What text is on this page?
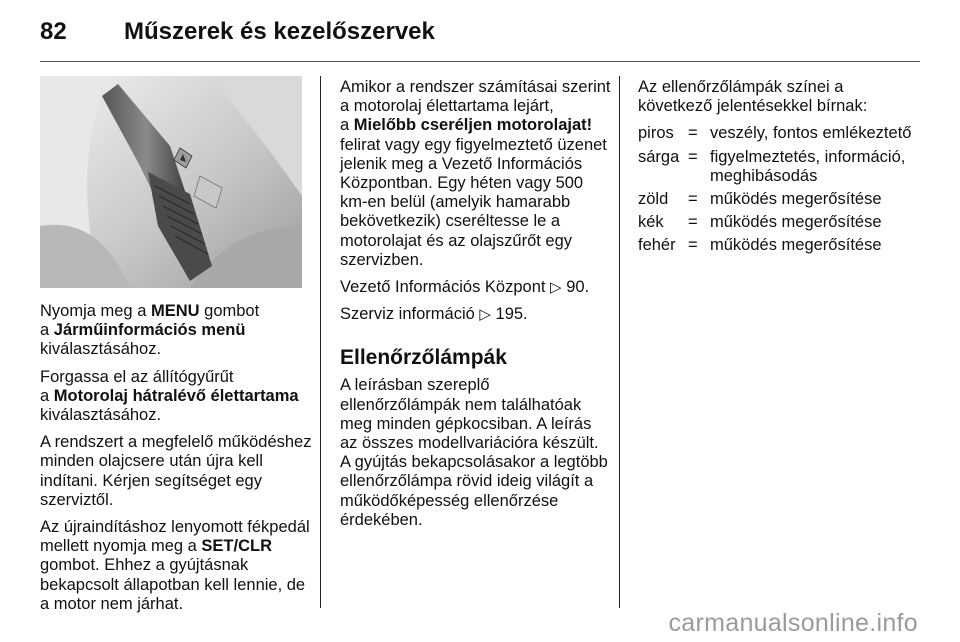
82 Műszerek és kezelőszervek

Nyomja meg a MENU gombot
a Járműinformációs menü
kiválasztásához.

Forgassa el az állítógyűrűt
a Motorolaj hátralévő élettartama
kiválasztásához.

A rendszert a megfelelő működéshez minden olajcsere után újra kell indítani. Kérjen segítséget egy szerviztől.

Az újraindításhoz lenyomott fékpedál mellett nyomja meg a SET/CLR gombot. Ehhez a gyújtásnak bekapcsolt állapotban kell lennie, de a motor nem járhat.

Amikor a rendszer számításai szerint a motorolaj élettartama lejárt,
a Mielőbb cseréljen motorolajat!
felirat vagy egy figyelmeztető üzenet jelenik meg a Vezető Információs Központban. Egy héten vagy 500 km-en belül (amelyik hamarabb bekövetkezik) cseréltesse le a motorolajat és az olajszűrőt egy szervizben.

Vezető Információs Központ ▷ 90.

Szerviz információ ▷ 195.

Ellenőrzőlámpák

A leírásban szereplő ellenőrzőlámpák nem találhatóak meg minden gépkocsiban. A leírás az összes modellvariációra készült.

A gyújtás bekapcsolásakor a legtöbb ellenőrzőlámpa rövid ideig világít a működőképesség ellenőrzése érdekében.

Az ellenőrzőlámpák színei a következő jelentésekkel bírnak:

piros	=	veszély, fontos emlékeztető
sárga	=	figyelmeztetés, információ, meghibásodás
zöld	=	működés megerősítése
kék	=	működés megerősítése
fehér	=	működés megerősítése
carmanualsonline.info
